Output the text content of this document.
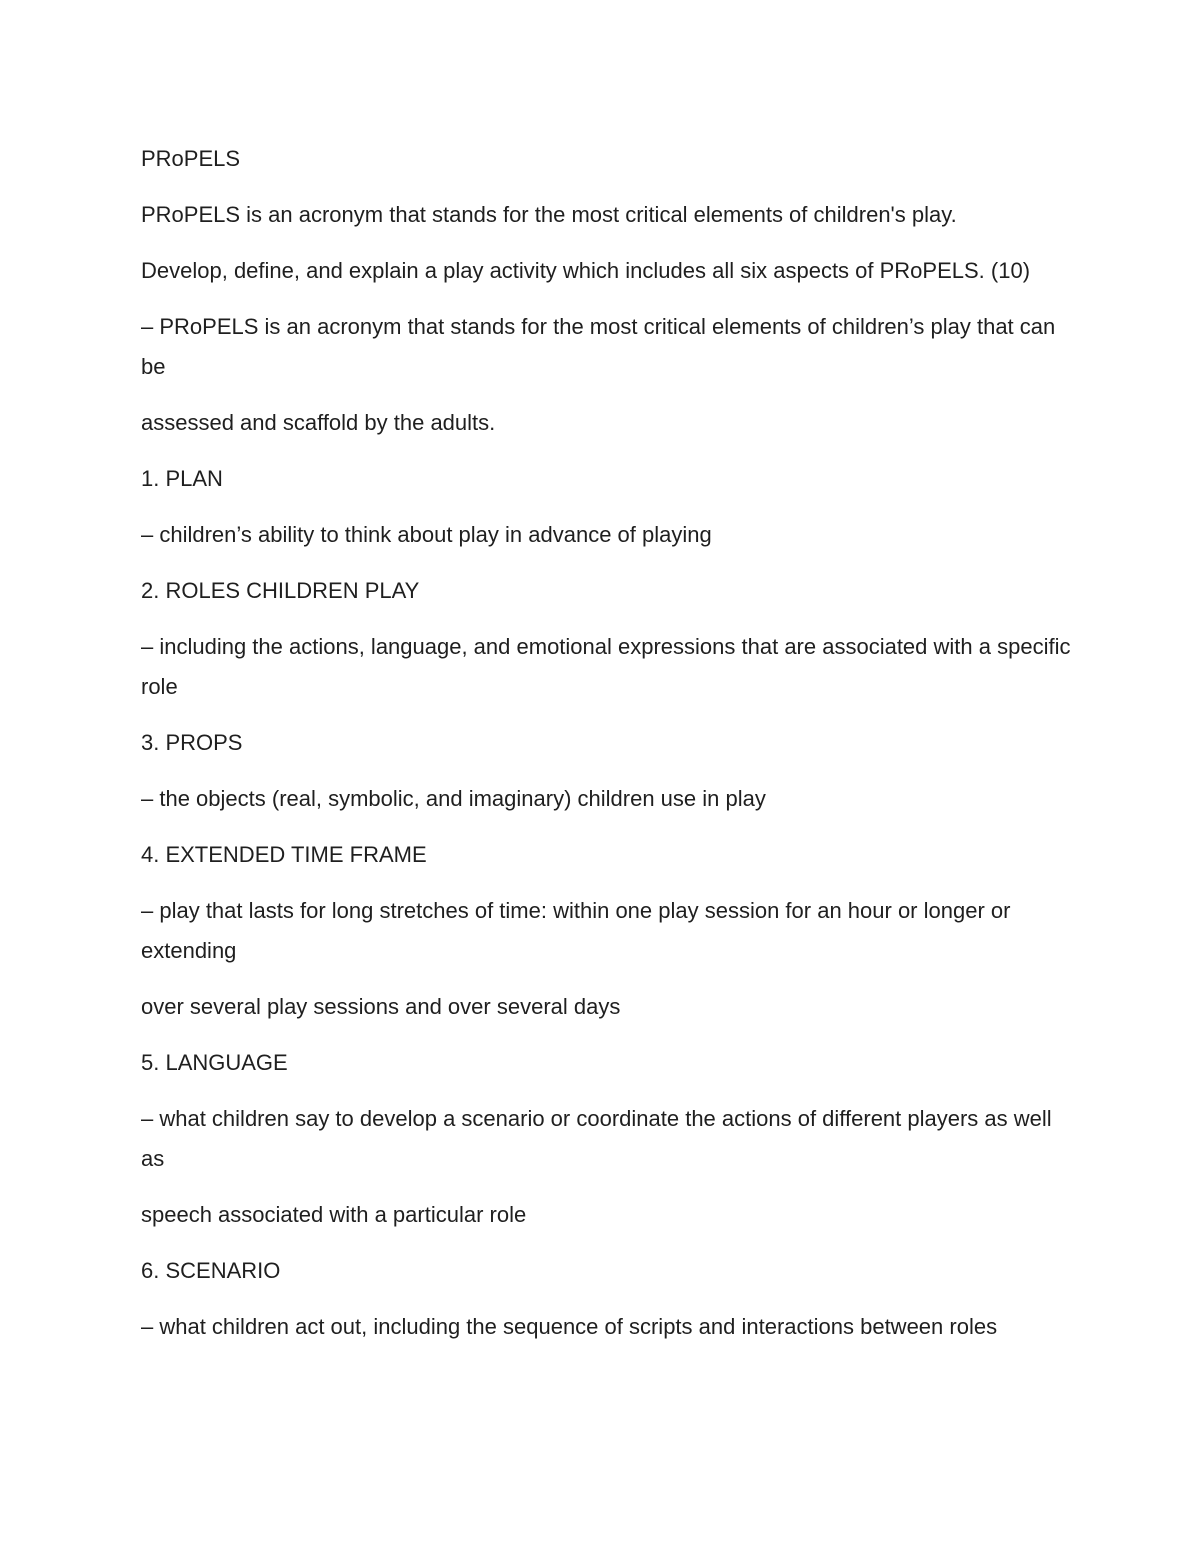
PRoPELS

PRoPELS is an acronym that stands for the most critical elements of children's play.

Develop, define, and explain a play activity which includes all six aspects of PRoPELS. (10)

– PRoPELS is an acronym that stands for the most critical elements of children’s play that can be

assessed and scaffold by the adults.

1. PLAN

– children’s ability to think about play in advance of playing

2. ROLES CHILDREN PLAY

– including the actions, language, and emotional expressions that are associated with a specific role

3. PROPS

– the objects (real, symbolic, and imaginary) children use in play

4. EXTENDED TIME FRAME

– play that lasts for long stretches of time: within one play session for an hour or longer or extending

over several play sessions and over several days

5. LANGUAGE

– what children say to develop a scenario or coordinate the actions of different players as well as

speech associated with a particular role

6. SCENARIO

– what children act out, including the sequence of scripts and interactions between roles
